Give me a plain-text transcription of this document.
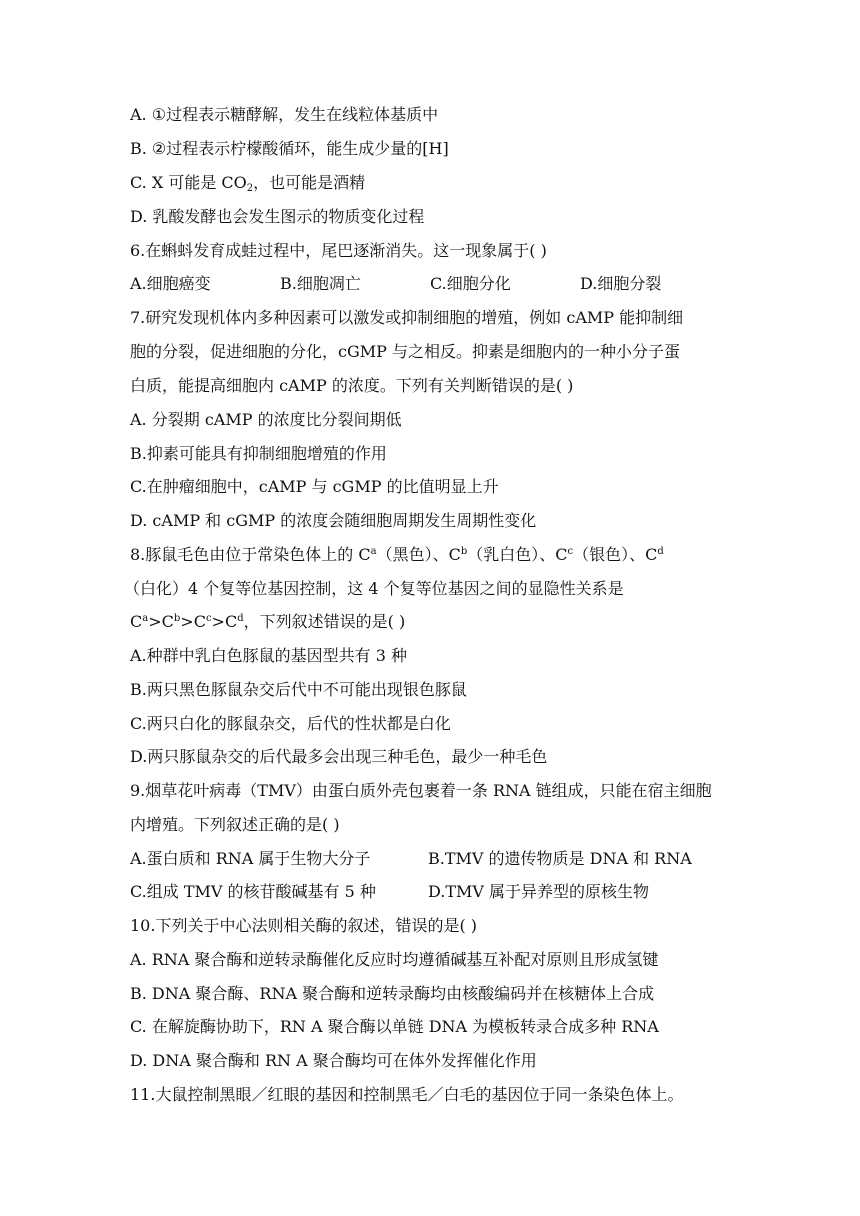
A. ①过程表示糖酵解，发生在线粒体基质中
B. ②过程表示柠檬酸循环，能生成少量的[H]
C. X 可能是 $CO_2$，也可能是酒精
D. 乳酸发酵也会发生图示的物质变化过程
6.在蝌蚪发育成蛙过程中，尾巴逐渐消失。这一现象属于( )
A.细胞癌变	B.细胞凋亡	C.细胞分化	D.细胞分裂
7.研究发现机体内多种因素可以激发或抑制细胞的增殖，例如 cAMP 能抑制细
胞的分裂，促进细胞的分化，cGMP 与之相反。抑素是细胞内的一种小分子蛋
白质，能提高细胞内 cAMP 的浓度。下列有关判断错误的是( )
A. 分裂期 cAMP 的浓度比分裂间期低
B.抑素可能具有抑制细胞增殖的作用
C.在肿瘤细胞中，cAMP 与 cGMP 的比值明显上升
D. cAMP 和 cGMP 的浓度会随细胞周期发生周期性变化
8.豚鼠毛色由位于常染色体上的 $C^a$（黑色）、$C^b$（乳白色）、$C^c$（银色）、$C^d$
（白化）4 个复等位基因控制，这 4 个复等位基因之间的显隐性关系是
$C^a>C^b>C^c>C^d$，下列叙述错误的是( )
A.种群中乳白色豚鼠的基因型共有 3 种
B.两只黑色豚鼠杂交后代中不可能出现银色豚鼠
C.两只白化的豚鼠杂交，后代的性状都是白化
D.两只豚鼠杂交的后代最多会出现三种毛色，最少一种毛色
9.烟草花叶病毒（TMV）由蛋白质外壳包裹着一条 RNA 链组成，只能在宿主细胞
内增殖。下列叙述正确的是( )
A.蛋白质和 RNA 属于生物大分子	B.TMV 的遗传物质是 DNA 和 RNA
C.组成 TMV 的核苷酸碱基有 5 种	D.TMV 属于异养型的原核生物
10.下列关于中心法则相关酶的叙述，错误的是( )
A. RNA 聚合酶和逆转录酶催化反应时均遵循碱基互补配对原则且形成氢键
B. DNA 聚合酶、RNA 聚合酶和逆转录酶均由核酸编码并在核糖体上合成
C. 在解旋酶协助下，RN A 聚合酶以单链 DNA 为模板转录合成多种 RNA
D. DNA 聚合酶和 RN A 聚合酶均可在体外发挥催化作用
11.大鼠控制黑眼／红眼的基因和控制黑毛／白毛的基因位于同一条染色体上。
